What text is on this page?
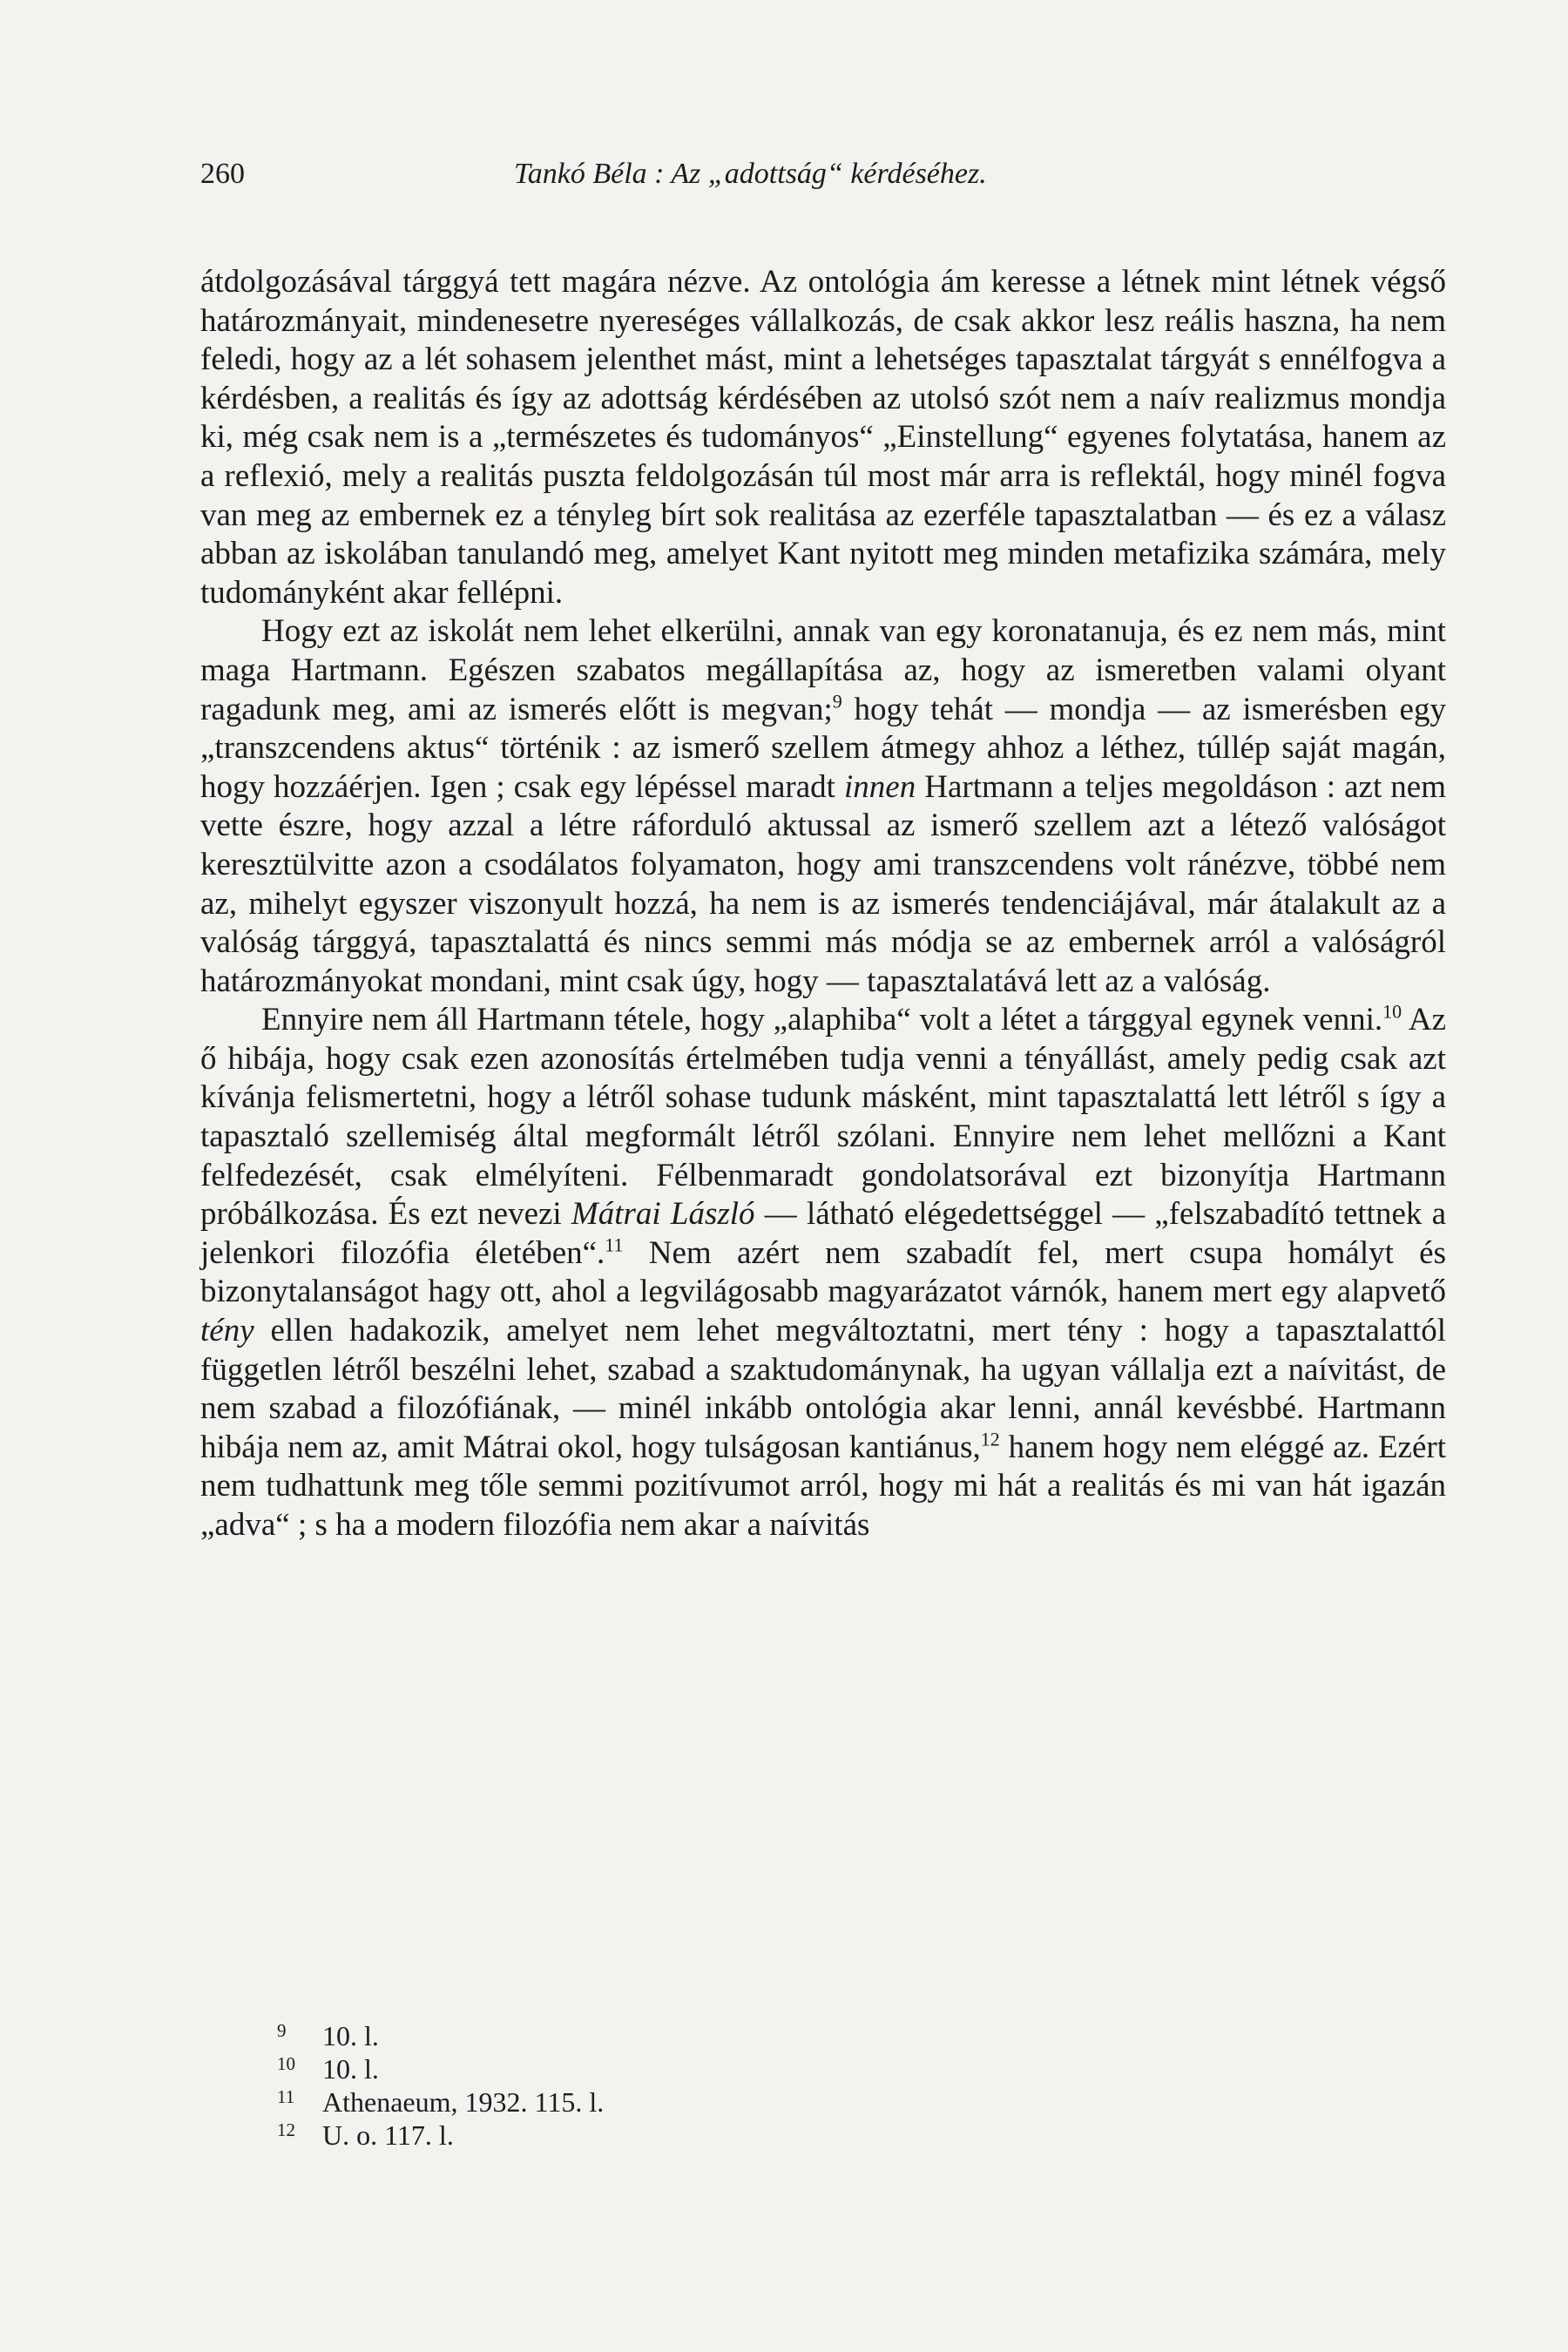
260	Tankó Béla : Az „adottság“ kérdéséhez.

átdolgozásával tárggyá tett magára nézve. Az ontológia ám keresse a létnek mint létnek végső határozmányait, mindenesetre nyereséges vállalkozás, de csak akkor lesz reális haszna, ha nem feledi, hogy az a lét sohasem jelenthet mást, mint a lehetséges tapasztalat tárgyát s ennélfogva a kérdésben, a realitás és így az adottság kérdésében az utolsó szót nem a naív realizmus mondja ki, még csak nem is a „természetes és tudományos“ „Einstellung“ egyenes folytatása, hanem az a reflexió, mely a realitás puszta feldolgozásán túl most már arra is reflektál, hogy minél fogva van meg az embernek ez a tényleg bírt sok realitása az ezerféle tapasztalatban — és ez a válasz abban az iskolában tanulandó meg, amelyet Kant nyitott meg minden metafizika számára, mely tudományként akar fellépni.

Hogy ezt az iskolát nem lehet elkerülni, annak van egy koronatanuja, és ez nem más, mint maga Hartmann. Egészen szabatos megállapítása az, hogy az ismeretben valami olyant ragadunk meg, ami az ismerés előtt is megvan;$^9$ hogy tehát — mondja — az ismerésben egy „transzcendens aktus“ történik : az ismerő szellem átmegy ahhoz a léthez, túllép saját magán, hogy hozzáérjen. Igen ; csak egy lépéssel maradt innen Hartmann a teljes megoldáson : azt nem vette észre, hogy azzal a létre ráforduló aktussal az ismerő szellem azt a létező valóságot keresztülvitte azon a csodálatos folyamaton, hogy ami transzcendens volt ránézve, többé nem az, mihelyt egyszer viszonyult hozzá, ha nem is az ismerés tendenciájával, már átalakult az a valóság tárggyá, tapasztalattá és nincs semmi más módja se az embernek arról a valóságról határozmányokat mondani, mint csak úgy, hogy — tapasztalatává lett az a valóság.

Ennyire nem áll Hartmann tétele, hogy „alaphiba“ volt a létet a tárggyal egynek venni.$^{10}$ Az ő hibája, hogy csak ezen azonosítás értelmében tudja venni a tényállást, amely pedig csak azt kívánja felismertetni, hogy a létről sohase tudunk másként, mint tapasztalattá lett létről s így a tapasztaló szellemiség által megformált létről szólani. Ennyire nem lehet mellőzni a Kant felfedezését, csak elmélyíteni. Félbenmaradt gondolatsorával ezt bizonyítja Hartmann próbálkozása. És ezt nevezi Mátrai László — látható elégedettséggel — „felszabadító tettnek a jelenkori filozófia életében“.$^{11}$ Nem azért nem szabadít fel, mert csupa homályt és bizonytalanságot hagy ott, ahol a legvilágosabb magyarázatot várnók, hanem mert egy alapvető tény ellen hadakozik, amelyet nem lehet megváltoztatni, mert tény : hogy a tapasztalattól független létről beszélni lehet, szabad a szaktudománynak, ha ugyan vállalja ezt a naívitást, de nem szabad a filozófiának, — minél inkább ontológia akar lenni, annál kevésbbé. Hartmann hibája nem az, amit Mátrai okol, hogy tulságosan kantiánus,$^{12}$ hanem hogy nem eléggé az. Ezért nem tudhattunk meg tőle semmi pozitívumot arról, hogy mi hát a realitás és mi van hát igazán „adva“ ; s ha a modern filozófia nem akar a naívitás

9 10. l.
10 10. l.
11 Athenaeum, 1932. 115. l.
12 U. o. 117. l.
